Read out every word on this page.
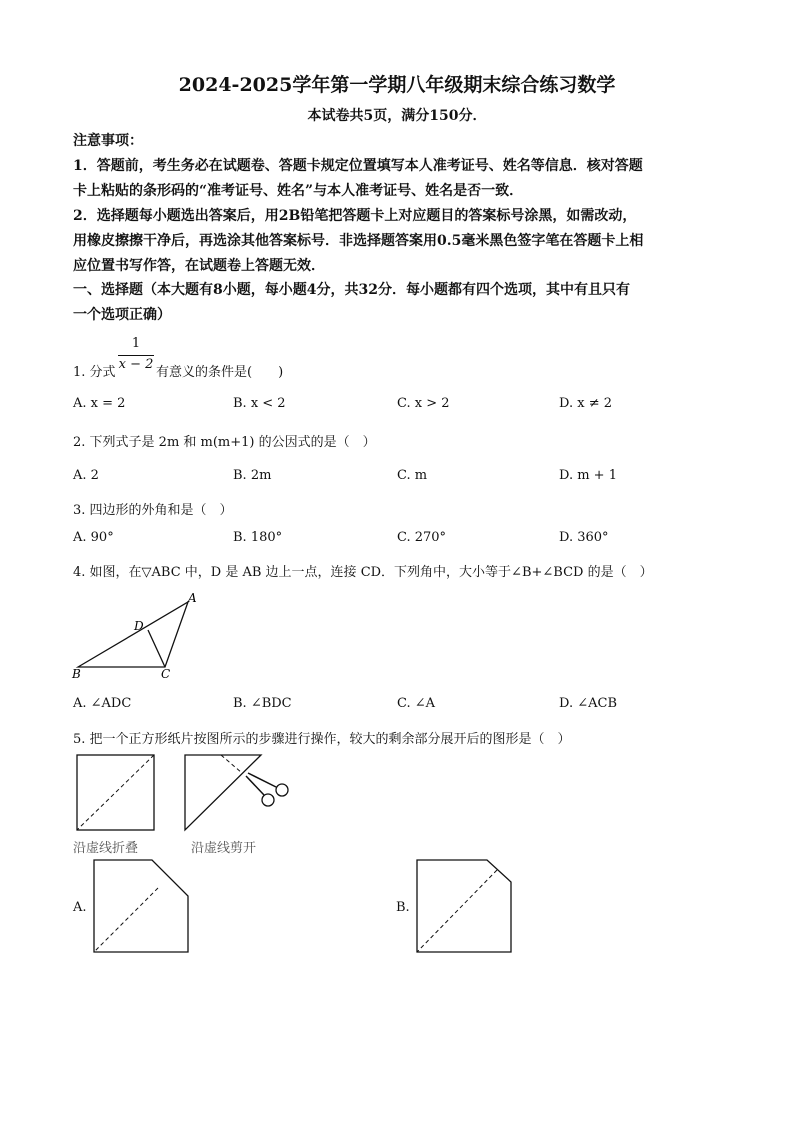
2024-2025学年第一学期八年级期末综合练习数学
本试卷共5页，满分150分．
注意事项：
1．答题前，考生务必在试题卷、答题卡规定位置填写本人准考证号、姓名等信息．核对答题
卡上粘贴的条形码的“准考证号、姓名”与本人准考证号、姓名是否一致．
2．选择题每小题选出答案后，用2B铅笔把答题卡上对应题目的答案标号涂黑，如需改动，
用橡皮擦擦干净后，再选涂其他答案标号．非选择题答案用0.5毫米黑色签字笔在答题卡上相
应位置书写作答，在试题卷上答题无效．
一、选择题（本大题有8小题，每小题4分，共32分．每小题都有四个选项，其中有且只有
一个选项正确）
1. 分式
1
x − 2
有意义的条件是(　　)
A. x = 2	B. x < 2	C. x > 2	D. x ≠ 2
2. 下列式子是 2m 和 m(m+1) 的公因式的是（　）
A. 2	B. 2m	C. m	D. m + 1
3. 四边形的外角和是（　）
A. 90°	B. 180°	C. 270°	D. 360°
4. 如图，在▽ABC 中，D 是 AB 边上一点，连接 CD．下列角中，大小等于∠B+∠BCD 的是（　）
A
D
B	C
A. ∠ADC	B. ∠BDC	C. ∠A	D. ∠ACB
5. 把一个正方形纸片按图所示的步骤进行操作，较大的剩余部分展开后的图形是（　）
沿虚线折叠	沿虚线剪开
A.	B.
